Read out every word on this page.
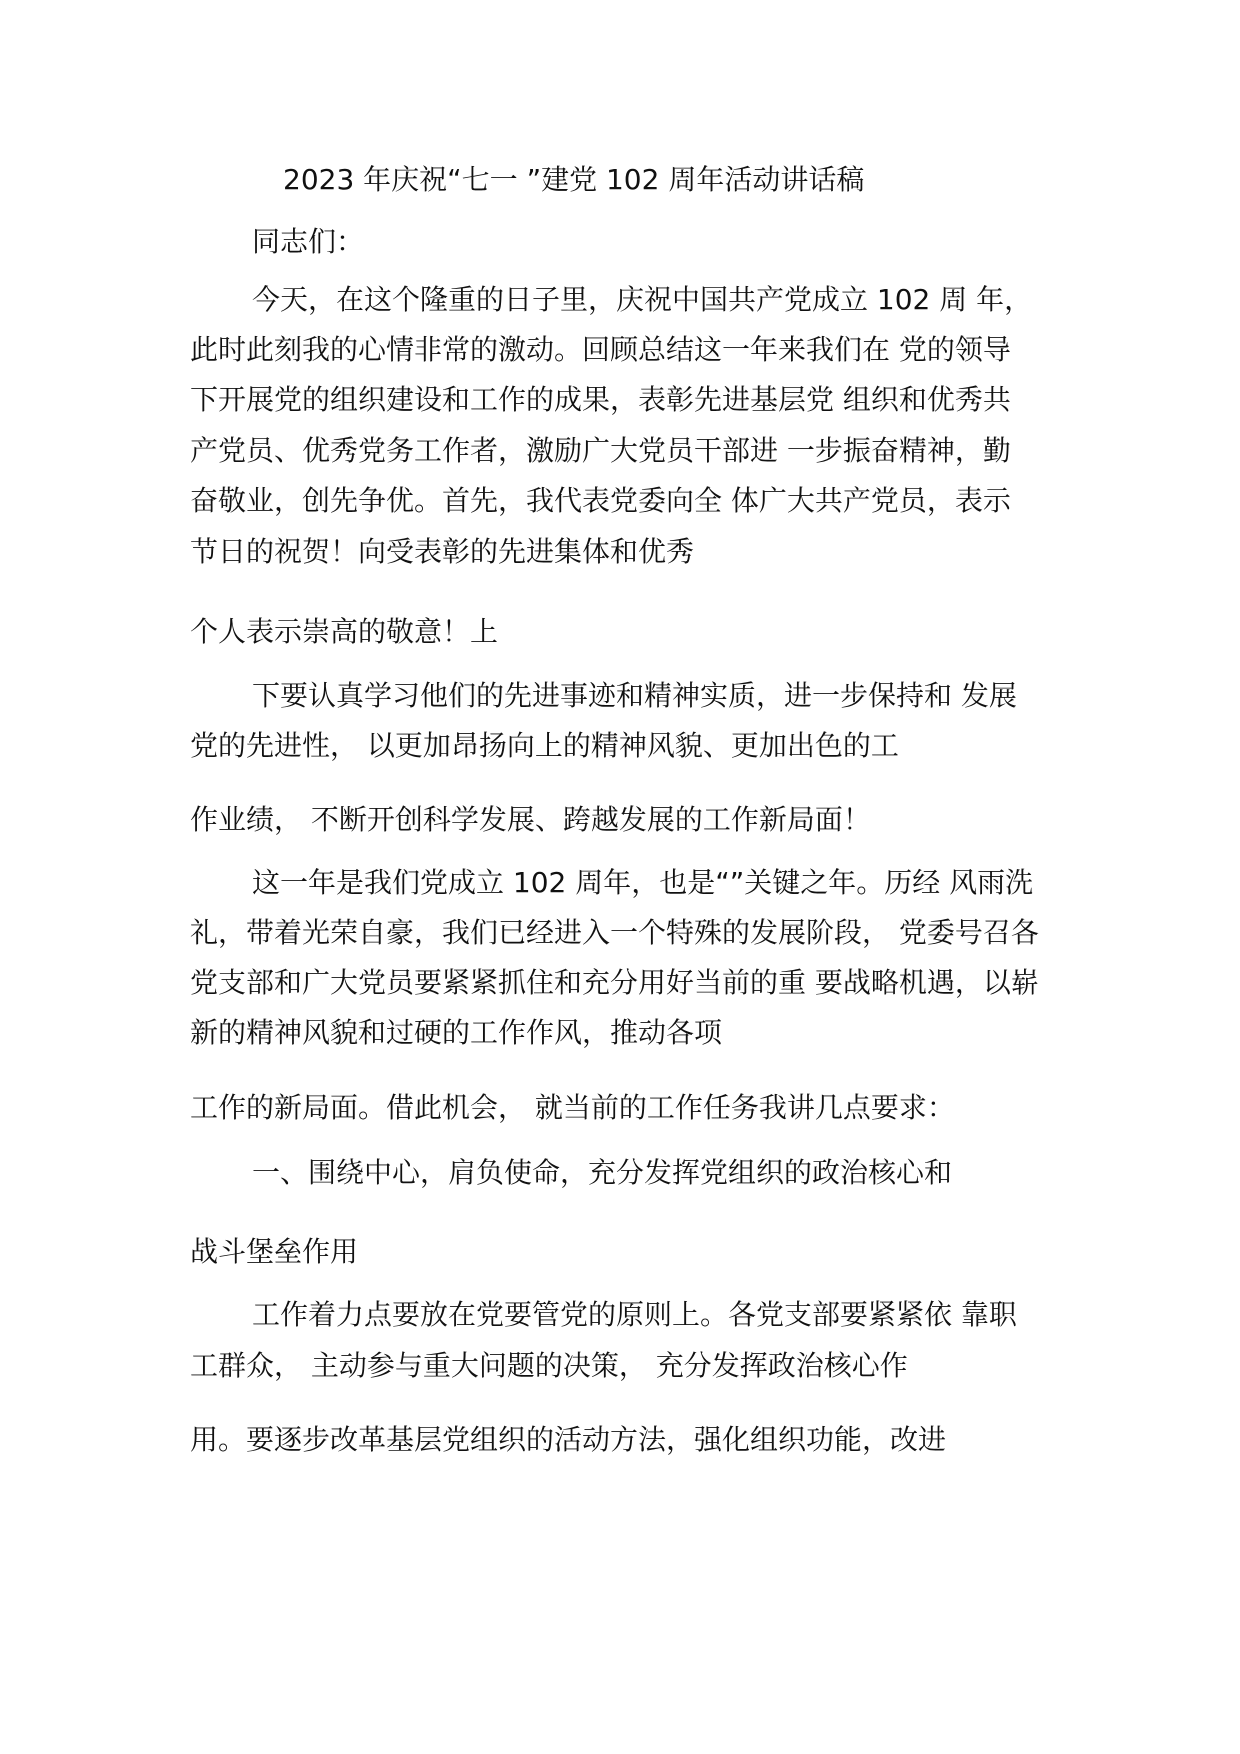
2023 年庆祝“七一 ”建党 102 周年活动讲话稿

同志们：

今天，在这个隆重的日子里，庆祝中国共产党成立 102 周 年，

此时此刻我的心情非常的激动。回顾总结这一年来我们在 党的领导

下开展党的组织建设和工作的成果，表彰先进基层党 组织和优秀共

产党员、优秀党务工作者，激励广大党员干部进 一步振奋精神，勤

奋敬业，创先争优。首先，我代表党委向全 体广大共产党员，表示

节日的祝贺！向受表彰的先进集体和优秀

个人表示崇高的敬意！上

下要认真学习他们的先进事迹和精神实质，进一步保持和 发展

党的先进性， 以更加昂扬向上的精神风貌、更加出色的工

作业绩， 不断开创科学发展、跨越发展的工作新局面！

这一年是我们党成立 102 周年，也是“”关键之年。历经 风雨洗

礼，带着光荣自豪，我们已经进入一个特殊的发展阶段， 党委号召各

党支部和广大党员要紧紧抓住和充分用好当前的重 要战略机遇，以崭

新的精神风貌和过硬的工作作风，推动各项

工作的新局面。借此机会， 就当前的工作任务我讲几点要求：

一、围绕中心，肩负使命，充分发挥党组织的政治核心和

战斗堡垒作用

工作着力点要放在党要管党的原则上。各党支部要紧紧依 靠职

工群众， 主动参与重大问题的决策， 充分发挥政治核心作

用。要逐步改革基层党组织的活动方法，强化组织功能，改进
